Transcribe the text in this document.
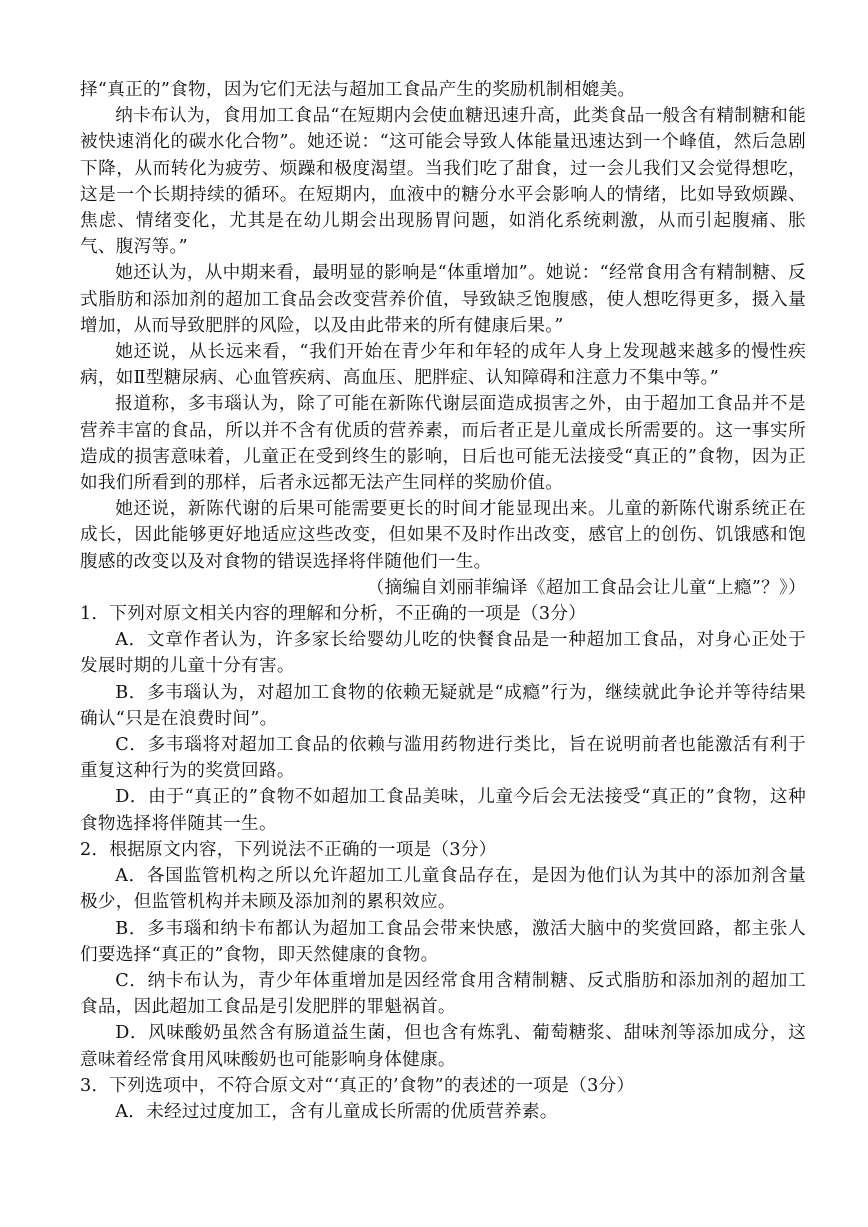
择“真正的”食物，因为它们无法与超加工食品产生的奖励机制相媲美。

纳卡布认为，食用加工食品“在短期内会使血糖迅速升高，此类食品一般含有精制糖和能被快速消化的碳水化合物”。她还说：“这可能会导致人体能量迅速达到一个峰值，然后急剧下降，从而转化为疲劳、烦躁和极度渴望。当我们吃了甜食，过一会儿我们又会觉得想吃，这是一个长期持续的循环。在短期内，血液中的糖分水平会影响人的情绪，比如导致烦躁、焦虑、情绪变化，尤其是在幼儿期会出现肠胃问题，如消化系统刺激，从而引起腹痛、胀气、腹泻等。”

她还认为，从中期来看，最明显的影响是“体重增加”。她说：“经常食用含有精制糖、反式脂肪和添加剂的超加工食品会改变营养价值，导致缺乏饱腹感，使人想吃得更多，摄入量增加，从而导致肥胖的风险，以及由此带来的所有健康后果。”

她还说，从长远来看，“我们开始在青少年和年轻的成年人身上发现越来越多的慢性疾病，如Ⅱ型糖尿病、心血管疾病、高血压、肥胖症、认知障碍和注意力不集中等。”

报道称，多韦瑙认为，除了可能在新陈代谢层面造成损害之外，由于超加工食品并不是营养丰富的食品，所以并不含有优质的营养素，而后者正是儿童成长所需要的。这一事实所造成的损害意味着，儿童正在受到终生的影响，日后也可能无法接受“真正的”食物，因为正如我们所看到的那样，后者永远都无法产生同样的奖励价值。

她还说，新陈代谢的后果可能需要更长的时间才能显现出来。儿童的新陈代谢系统正在成长，因此能够更好地适应这些改变，但如果不及时作出改变，感官上的创伤、饥饿感和饱腹感的改变以及对食物的错误选择将伴随他们一生。

（摘编自刘丽菲编译《超加工食品会让儿童“上瘾”？》）

1．下列对原文相关内容的理解和分析，不正确的一项是（3分）

A．文章作者认为，许多家长给婴幼儿吃的快餐食品是一种超加工食品，对身心正处于发展时期的儿童十分有害。

B．多韦瑙认为，对超加工食物的依赖无疑就是“成瘾”行为，继续就此争论并等待结果确认“只是在浪费时间”。

C．多韦瑙将对超加工食品的依赖与滥用药物进行类比，旨在说明前者也能激活有利于重复这种行为的奖赏回路。

D．由于“真正的”食物不如超加工食品美味，儿童今后会无法接受“真正的”食物，这种食物选择将伴随其一生。

2．根据原文内容，下列说法不正确的一项是（3分）

A．各国监管机构之所以允许超加工儿童食品存在，是因为他们认为其中的添加剂含量极少，但监管机构并未顾及添加剂的累积效应。

B．多韦瑙和纳卡布都认为超加工食品会带来快感，激活大脑中的奖赏回路，都主张人们要选择“真正的”食物，即天然健康的食物。

C．纳卡布认为，青少年体重增加是因经常食用含精制糖、反式脂肪和添加剂的超加工食品，因此超加工食品是引发肥胖的罪魁祸首。

D．风味酸奶虽然含有肠道益生菌，但也含有炼乳、葡萄糖浆、甜味剂等添加成分，这意味着经常食用风味酸奶也可能影响身体健康。

3．下列选项中，不符合原文对“‘真正的’食物”的表述的一项是（3分）

A．未经过过度加工，含有儿童成长所需的优质营养素。
